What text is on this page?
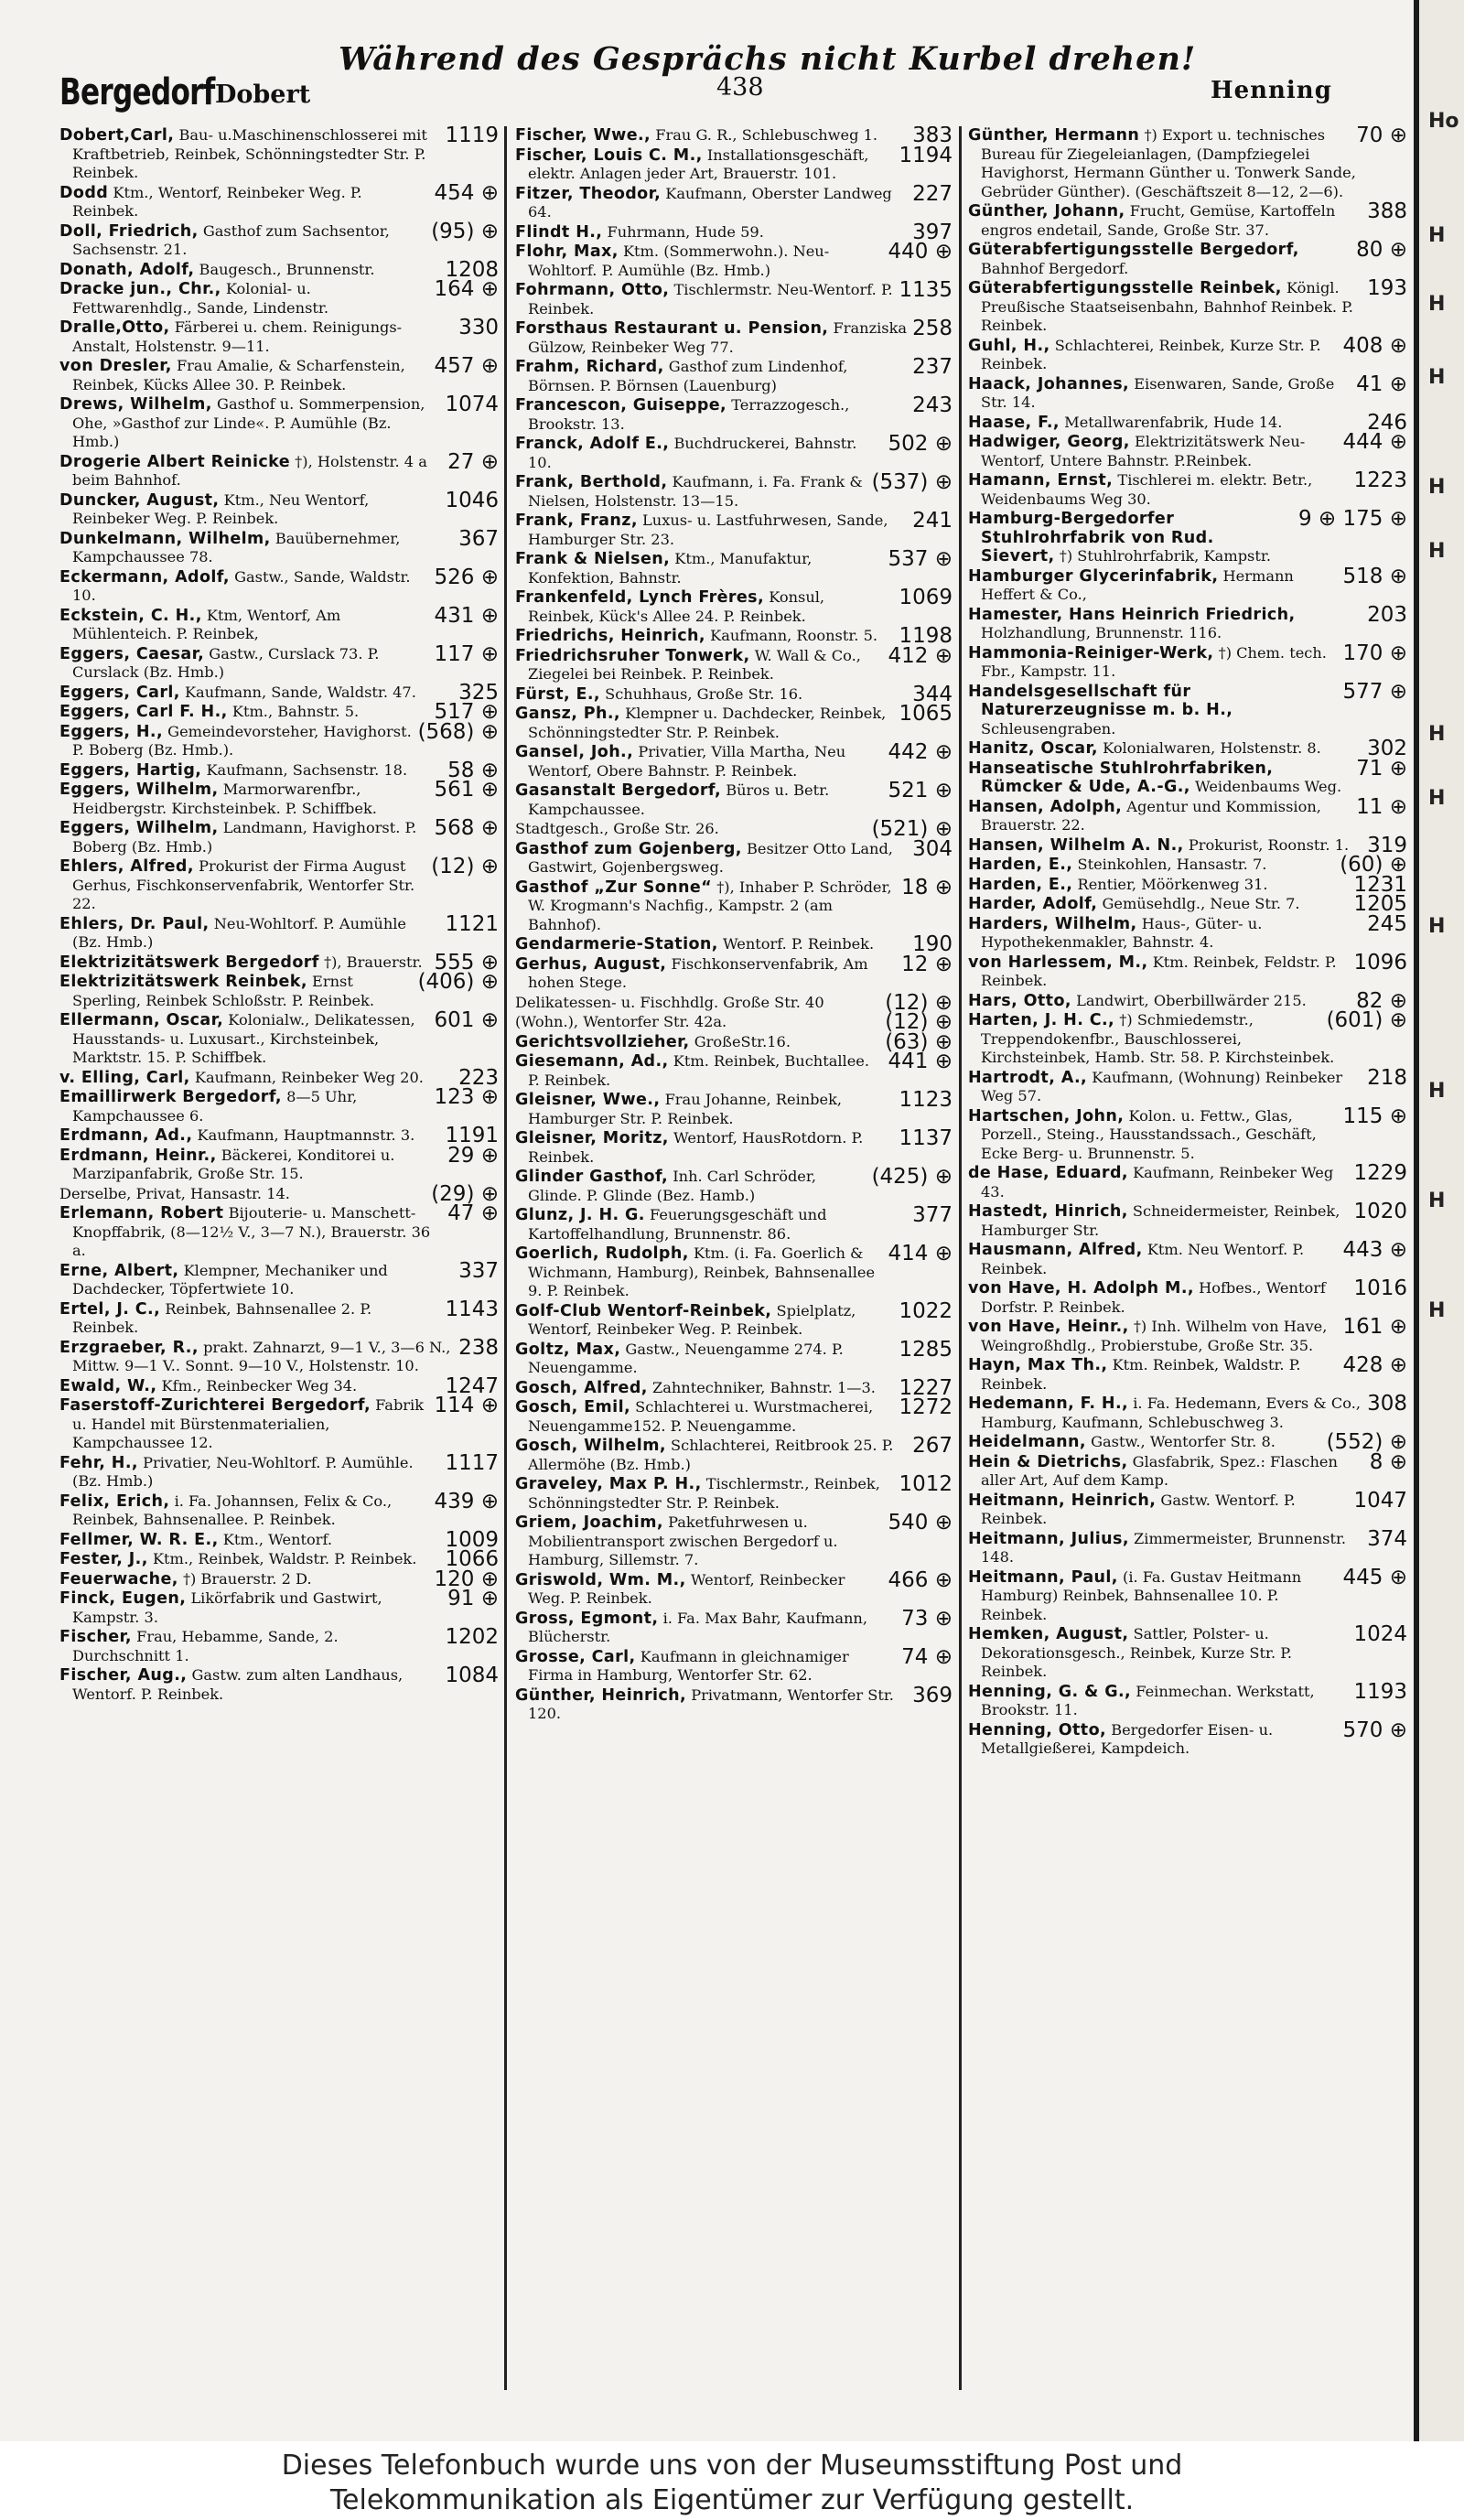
Bergedorf Dobert
Während des Gesprächs nicht Kurbel drehen!
438	Henning
1119
Dobert,Carl, Bau- u.Maschinenschlosserei mit Kraftbetrieb, Reinbek, Schönningstedter Str. P. Reinbek.
454 ⊕
Dodd Ktm., Wentorf, Reinbeker Weg. P. Reinbek.
(95) ⊕
Doll, Friedrich, Gasthof zum Sachsentor, Sachsenstr. 21.
1208
Donath, Adolf, Baugesch., Brunnenstr.
164 ⊕
Dracke jun., Chr., Kolonial- u. Fettwarenhdlg., Sande, Lindenstr.
330
Dralle,Otto, Färberei u. chem. Reinigungs-Anstalt, Holstenstr. 9—11.
457 ⊕
von Dresler, Frau Amalie, & Scharfenstein, Reinbek, Kücks Allee 30. P. Reinbek.
1074
Drews, Wilhelm, Gasthof u. Sommerpension, Ohe, »Gasthof zur Linde«. P. Aumühle (Bz. Hmb.)
27 ⊕
Drogerie Albert Reinicke †), Holstenstr. 4 a beim Bahnhof.
1046
Duncker, August, Ktm., Neu Wentorf, Reinbeker Weg. P. Reinbek.
367
Dunkelmann, Wilhelm, Bauübernehmer, Kampchaussee 78.
526 ⊕
Eckermann, Adolf, Gastw., Sande, Waldstr. 10.
431 ⊕
Eckstein, C. H., Ktm, Wentorf, Am Mühlenteich. P. Reinbek,
117 ⊕
Eggers, Caesar, Gastw., Curslack 73. P. Curslack (Bz. Hmb.)
325
Eggers, Carl, Kaufmann, Sande, Waldstr. 47.
517 ⊕
Eggers, Carl F. H., Ktm., Bahnstr. 5.
(568) ⊕
Eggers, H., Gemeindevorsteher, Havighorst. P. Boberg (Bz. Hmb.).
58 ⊕
Eggers, Hartig, Kaufmann, Sachsenstr. 18.
561 ⊕
Eggers, Wilhelm, Marmorwarenfbr., Heidbergstr. Kirchsteinbek. P. Schiffbek.
568 ⊕
Eggers, Wilhelm, Landmann, Havighorst. P. Boberg (Bz. Hmb.)
(12) ⊕
Ehlers, Alfred, Prokurist der Firma August Gerhus, Fischkonservenfabrik, Wentorfer Str. 22.
1121
Ehlers, Dr. Paul, Neu-Wohltorf. P. Aumühle (Bz. Hmb.)
555 ⊕
Elektrizitätswerk Bergedorf †), Brauerstr.
(406) ⊕
Elektrizitätswerk Reinbek, Ernst Sperling, Reinbek Schloßstr. P. Reinbek.
601 ⊕
Ellermann, Oscar, Kolonialw., Delikatessen, Hausstands- u. Luxusart., Kirchsteinbek, Marktstr. 15. P. Schiffbek.
223
v. Elling, Carl, Kaufmann, Reinbeker Weg 20.
123 ⊕
Emaillirwerk Bergedorf, 8—5 Uhr, Kampchaussee 6.
1191
Erdmann, Ad., Kaufmann, Hauptmannstr. 3.
29 ⊕
Erdmann, Heinr., Bäckerei, Konditorei u. Marzipanfabrik, Große Str. 15.
(29) ⊕
Derselbe, Privat, Hansastr. 14.
47 ⊕
Erlemann, Robert Bijouterie- u. Manschett-Knopffabrik, (8—12½ V., 3—7 N.), Brauerstr. 36 a.
337
Erne, Albert, Klempner, Mechaniker und Dachdecker, Töpfertwiete 10.
1143
Ertel, J. C., Reinbek, Bahnsenallee 2. P. Reinbek.
238
Erzgraeber, R., prakt. Zahnarzt, 9—1 V., 3—6 N., Mittw. 9—1 V.. Sonnt. 9—10 V., Holstenstr. 10.
1247
Ewald, W., Kfm., Reinbecker Weg 34.
114 ⊕
Faserstoff-Zurichterei Bergedorf, Fabrik u. Handel mit Bürstenmaterialien, Kampchaussee 12.
1117
Fehr, H., Privatier, Neu-Wohltorf. P. Aumühle. (Bz. Hmb.)
439 ⊕
Felix, Erich, i. Fa. Johannsen, Felix & Co., Reinbek, Bahnsenallee. P. Reinbek.
1009
Fellmer, W. R. E., Ktm., Wentorf.
1066
Fester, J., Ktm., Reinbek, Waldstr. P. Reinbek.
120 ⊕
Feuerwache, †) Brauerstr. 2 D.
91 ⊕
Finck, Eugen, Likörfabrik und Gastwirt, Kampstr. 3.
1202
Fischer, Frau, Hebamme, Sande, 2. Durchschnitt 1.
1084
Fischer, Aug., Gastw. zum alten Landhaus, Wentorf. P. Reinbek.
383
Fischer, Wwe., Frau G. R., Schlebuschweg 1.
1194
Fischer, Louis C. M., Installationsgeschäft, elektr. Anlagen jeder Art, Brauerstr. 101.
227
Fitzer, Theodor, Kaufmann, Oberster Landweg 64.
397
Flindt H., Fuhrmann, Hude 59.
440 ⊕
Flohr, Max, Ktm. (Sommerwohn.). Neu-Wohltorf. P. Aumühle (Bz. Hmb.)
1135
Fohrmann, Otto, Tischlermstr. Neu-Wentorf. P. Reinbek.
258
Forsthaus Restaurant u. Pension, Franziska Gülzow, Reinbeker Weg 77.
237
Frahm, Richard, Gasthof zum Lindenhof, Börnsen. P. Börnsen (Lauenburg)
243
Francescon, Guiseppe, Terrazzogesch., Brookstr. 13.
502 ⊕
Franck, Adolf E., Buchdruckerei, Bahnstr. 10.
(537) ⊕
Frank, Berthold, Kaufmann, i. Fa. Frank & Nielsen, Holstenstr. 13—15.
241
Frank, Franz, Luxus- u. Lastfuhrwesen, Sande, Hamburger Str. 23.
537 ⊕
Frank & Nielsen, Ktm., Manufaktur, Konfektion, Bahnstr.
1069
Frankenfeld, Lynch Frères, Konsul, Reinbek, Kück's Allee 24. P. Reinbek.
1198
Friedrichs, Heinrich, Kaufmann, Roonstr. 5.
412 ⊕
Friedrichsruher Tonwerk, W. Wall & Co., Ziegelei bei Reinbek. P. Reinbek.
344
Fürst, E., Schuhhaus, Große Str. 16.
1065
Gansz, Ph., Klempner u. Dachdecker, Reinbek, Schönningstedter Str. P. Reinbek.
442 ⊕
Gansel, Joh., Privatier, Villa Martha, Neu Wentorf, Obere Bahnstr. P. Reinbek.
521 ⊕
Gasanstalt Bergedorf, Büros u. Betr. Kampchaussee.
(521) ⊕
Stadtgesch., Große Str. 26.
304
Gasthof zum Gojenberg, Besitzer Otto Land, Gastwirt, Gojenbergsweg.
18 ⊕
Gasthof „Zur Sonne“ †), Inhaber P. Schröder, W. Krogmann's Nachfig., Kampstr. 2 (am Bahnhof).
190
Gendarmerie-Station, Wentorf. P. Reinbek.
12 ⊕
Gerhus, August, Fischkonservenfabrik, Am hohen Stege.
(12) ⊕
Delikatessen- u. Fischhdlg. Große Str. 40
(12) ⊕
(Wohn.), Wentorfer Str. 42a.
(63) ⊕
Gerichtsvollzieher, GroßeStr.16.
441 ⊕
Giesemann, Ad., Ktm. Reinbek, Buchtallee. P. Reinbek.
1123
Gleisner, Wwe., Frau Johanne, Reinbek, Hamburger Str. P. Reinbek.
1137
Gleisner, Moritz, Wentorf, HausRotdorn. P. Reinbek.
(425) ⊕
Glinder Gasthof, Inh. Carl Schröder, Glinde. P. Glinde (Bez. Hamb.)
377
Glunz, J. H. G. Feuerungsgeschäft und Kartoffelhandlung, Brunnenstr. 86.
414 ⊕
Goerlich, Rudolph, Ktm. (i. Fa. Goerlich & Wichmann, Hamburg), Reinbek, Bahnsenallee 9. P. Reinbek.
1022
Golf-Club Wentorf-Reinbek, Spielplatz, Wentorf, Reinbeker Weg. P. Reinbek.
1285
Goltz, Max, Gastw., Neuengamme 274. P. Neuengamme.
1227
Gosch, Alfred, Zahntechniker, Bahnstr. 1—3.
1272
Gosch, Emil, Schlachterei u. Wurstmacherei, Neuengamme152. P. Neuengamme.
267
Gosch, Wilhelm, Schlachterei, Reitbrook 25. P. Allermöhe (Bz. Hmb.)
1012
Graveley, Max P. H., Tischlermstr., Reinbek, Schönningstedter Str. P. Reinbek.
540 ⊕
Griem, Joachim, Paketfuhrwesen u. Mobilientransport zwischen Bergedorf u. Hamburg, Sillemstr. 7.
466 ⊕
Griswold, Wm. M., Wentorf, Reinbecker Weg. P. Reinbek.
73 ⊕
Gross, Egmont, i. Fa. Max Bahr, Kaufmann, Blücherstr.
74 ⊕
Grosse, Carl, Kaufmann in gleichnamiger Firma in Hamburg, Wentorfer Str. 62.
369
Günther, Heinrich, Privatmann, Wentorfer Str. 120.
70 ⊕
Günther, Hermann †) Export u. technisches Bureau für Ziegeleianlagen, (Dampfziegelei Havighorst, Hermann Günther u. Tonwerk Sande, Gebrüder Günther). (Geschäftszeit 8—12, 2—6).
388
Günther, Johann, Frucht, Gemüse, Kartoffeln engros endetail, Sande, Große Str. 37.
80 ⊕
Güterabfertigungsstelle Bergedorf, Bahnhof Bergedorf.
193
Güterabfertigungsstelle Reinbek, Königl. Preußische Staatseisenbahn, Bahnhof Reinbek. P. Reinbek.
408 ⊕
Guhl, H., Schlachterei, Reinbek, Kurze Str. P. Reinbek.
41 ⊕
Haack, Johannes, Eisenwaren, Sande, Große Str. 14.
246
Haase, F., Metallwarenfabrik, Hude 14.
444 ⊕
Hadwiger, Georg, Elektrizitätswerk Neu-Wentorf, Untere Bahnstr. P.Reinbek.
1223
Hamann, Ernst, Tischlerei m. elektr. Betr., Weidenbaums Weg 30.
9 ⊕ 175 ⊕
Hamburg-Bergedorfer Stuhlrohrfabrik von Rud. Sievert, †) Stuhlrohrfabrik, Kampstr.
518 ⊕
Hamburger Glycerinfabrik, Hermann Heffert & Co.,
203
Hamester, Hans Heinrich Friedrich, Holzhandlung, Brunnenstr. 116.
170 ⊕
Hammonia-Reiniger-Werk, †) Chem. tech. Fbr., Kampstr. 11.
577 ⊕
Handelsgesellschaft für Naturerzeugnisse m. b. H., Schleusengraben.
302
Hanitz, Oscar, Kolonialwaren, Holstenstr. 8.
71 ⊕
Hanseatische Stuhlrohrfabriken, Rümcker & Ude, A.-G., Weidenbaums Weg.
11 ⊕
Hansen, Adolph, Agentur und Kommission, Brauerstr. 22.
319
Hansen, Wilhelm A. N., Prokurist, Roonstr. 1.
(60) ⊕
Harden, E., Steinkohlen, Hansastr. 7.
1231
Harden, E., Rentier, Möörkenweg 31.
1205
Harder, Adolf, Gemüsehdlg., Neue Str. 7.
245
Harders, Wilhelm, Haus-, Güter- u. Hypothekenmakler, Bahnstr. 4.
1096
von Harlessem, M., Ktm. Reinbek, Feldstr. P. Reinbek.
82 ⊕
Hars, Otto, Landwirt, Oberbillwärder 215.
(601) ⊕
Harten, J. H. C., †) Schmiedemstr., Treppendokenfbr., Bauschlosserei, Kirchsteinbek, Hamb. Str. 58. P. Kirchsteinbek.
218
Hartrodt, A., Kaufmann, (Wohnung) Reinbeker Weg 57.
115 ⊕
Hartschen, John, Kolon. u. Fettw., Glas, Porzell., Steing., Hausstandssach., Geschäft, Ecke Berg- u. Brunnenstr. 5.
1229
de Hase, Eduard, Kaufmann, Reinbeker Weg 43.
1020
Hastedt, Hinrich, Schneidermeister, Reinbek, Hamburger Str.
443 ⊕
Hausmann, Alfred, Ktm. Neu Wentorf. P. Reinbek.
1016
von Have, H. Adolph M., Hofbes., Wentorf Dorfstr. P. Reinbek.
161 ⊕
von Have, Heinr., †) Inh. Wilhelm von Have, Weingroßhdlg., Probierstube, Große Str. 35.
428 ⊕
Hayn, Max Th., Ktm. Reinbek, Waldstr. P. Reinbek.
308
Hedemann, F. H., i. Fa. Hedemann, Evers & Co., Hamburg, Kaufmann, Schlebuschweg 3.
(552) ⊕
Heidelmann, Gastw., Wentorfer Str. 8.
8 ⊕
Hein & Dietrichs, Glasfabrik, Spez.: Flaschen aller Art, Auf dem Kamp.
1047
Heitmann, Heinrich, Gastw. Wentorf. P. Reinbek.
374
Heitmann, Julius, Zimmermeister, Brunnenstr. 148.
445 ⊕
Heitmann, Paul, (i. Fa. Gustav Heitmann Hamburg) Reinbek, Bahnsenallee 10. P. Reinbek.
1024
Hemken, August, Sattler, Polster- u. Dekorationsgesch., Reinbek, Kurze Str. P. Reinbek.
1193
Henning, G. & G., Feinmechan. Werkstatt, Brookstr. 11.
570 ⊕
Henning, Otto, Bergedorfer Eisen- u. Metallgießerei, Kampdeich.
Ho
H
H
H
H
H
H
H
H
H
H
H
Dieses Telefonbuch wurde uns von der Museumsstiftung Post und
Telekommunikation als Eigentümer zur Verfügung gestellt.
